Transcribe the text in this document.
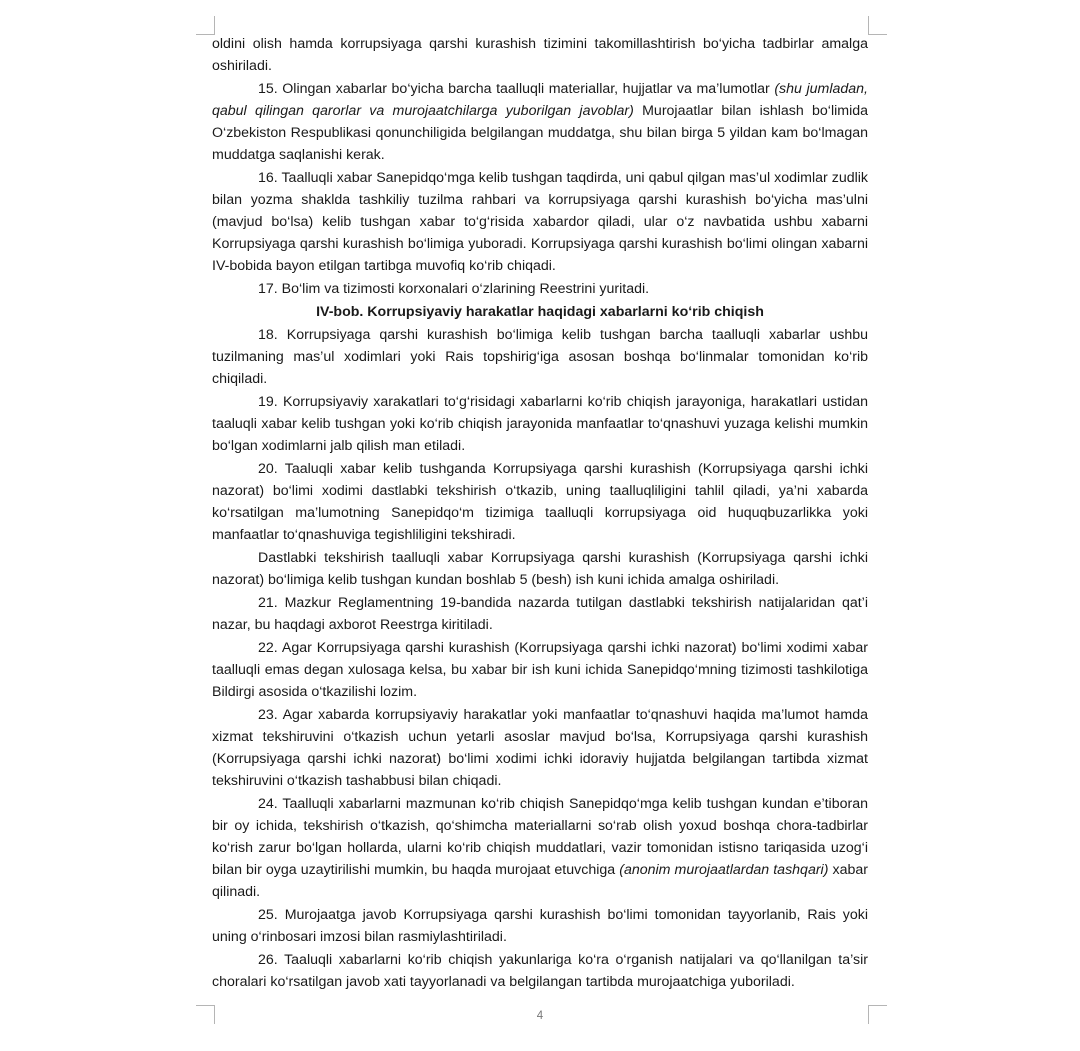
oldini olish hamda korrupsiyaga qarshi kurashish tizimini takomillashtirish bo‘yicha tadbirlar amalga oshiriladi.

15. Olingan xabarlar bo‘yicha barcha taalluqli materiallar, hujjatlar va ma’lumotlar (shu jumladan, qabul qilingan qarorlar va murojaatchilarga yuborilgan javoblar) Murojaatlar bilan ishlash bo‘limida O‘zbekiston Respublikasi qonunchiligida belgilangan muddatga, shu bilan birga 5 yildan kam bo‘lmagan muddatga saqlanishi kerak.

16. Taalluqli xabar Sanepidqo‘mga kelib tushgan taqdirda, uni qabul qilgan mas’ul xodimlar zudlik bilan yozma shaklda tashkiliy tuzilma rahbari va korrupsiyaga qarshi kurashish bo‘yicha mas’ulni (mavjud bo‘lsa) kelib tushgan xabar to‘g‘risida xabardor qiladi, ular o‘z navbatida ushbu xabarni Korrupsiyaga qarshi kurashish bo‘limiga yuboradi. Korrupsiyaga qarshi kurashish bo‘limi olingan xabarni IV-bobida bayon etilgan tartibga muvofiq ko‘rib chiqadi.

17. Bo‘lim va tizimosti korxonalari o‘zlarining Reestrini yuritadi.

IV-bob. Korrupsiyaviy harakatlar haqidagi xabarlarni ko‘rib chiqish

18. Korrupsiyaga qarshi kurashish bo‘limiga kelib tushgan barcha taalluqli xabarlar ushbu tuzilmaning mas’ul xodimlari yoki Rais topshirig‘iga asosan boshqa bo‘linmalar tomonidan ko‘rib chiqiladi.

19. Korrupsiyaviy xarakatlari to‘g‘risidagi xabarlarni ko‘rib chiqish jarayoniga, harakatlari ustidan taaluqli xabar kelib tushgan yoki ko‘rib chiqish jarayonida manfaatlar to‘qnashuvi yuzaga kelishi mumkin bo‘lgan xodimlarni jalb qilish man etiladi.

20. Taaluqli xabar kelib tushganda Korrupsiyaga qarshi kurashish (Korrupsiyaga qarshi ichki nazorat) bo‘limi xodimi dastlabki tekshirish o‘tkazib, uning taalluqliligini tahlil qiladi, ya’ni xabarda ko‘rsatilgan ma’lumotning Sanepidqo‘m tizimiga taalluqli korrupsiyaga oid huquqbuzarlikka yoki manfaatlar to‘qnashuviga tegishliligini tekshiradi.

Dastlabki tekshirish taalluqli xabar Korrupsiyaga qarshi kurashish (Korrupsiyaga qarshi ichki nazorat) bo‘limiga kelib tushgan kundan boshlab 5 (besh) ish kuni ichida amalga oshiriladi.

21. Mazkur Reglamentning 19-bandida nazarda tutilgan dastlabki tekshirish natijalaridan qat’i nazar, bu haqdagi axborot Reestrga kiritiladi.

22. Agar Korrupsiyaga qarshi kurashish (Korrupsiyaga qarshi ichki nazorat) bo‘limi xodimi xabar taalluqli emas degan xulosaga kelsa, bu xabar bir ish kuni ichida Sanepidqo‘mning tizimosti tashkilotiga Bildirgi asosida o‘tkazilishi lozim.

23. Agar xabarda korrupsiyaviy harakatlar yoki manfaatlar to‘qnashuvi haqida ma’lumot hamda xizmat tekshiruvini o‘tkazish uchun yetarli asoslar mavjud bo‘lsa, Korrupsiyaga qarshi kurashish (Korrupsiyaga qarshi ichki nazorat) bo‘limi xodimi ichki idoraviy hujjatda belgilangan tartibda xizmat tekshiruvini o‘tkazish tashabbusi bilan chiqadi.

24. Taalluqli xabarlarni mazmunan ko‘rib chiqish Sanepidqo‘mga kelib tushgan kundan e’tiboran bir oy ichida, tekshirish o‘tkazish, qo‘shimcha materiallarni so‘rab olish yoxud boshqa chora-tadbirlar ko‘rish zarur bo‘lgan hollarda, ularni ko‘rib chiqish muddatlari, vazir tomonidan istisno tariqasida uzog‘i bilan bir oyga uzaytirilishi mumkin, bu haqda murojaat etuvchiga (anonim murojaatlardan tashqari) xabar qilinadi.

25. Murojaatga javob Korrupsiyaga qarshi kurashish bo‘limi tomonidan tayyorlanib, Rais yoki uning o‘rinbosari imzosi bilan rasmiylashtiriladi.

26. Taaluqli xabarlarni ko‘rib chiqish yakunlariga ko‘ra o‘rganish natijalari va qo‘llanilgan ta’sir choralari ko‘rsatilgan javob xati tayyorlanadi va belgilangan tartibda murojaatchiga yuboriladi.

4
